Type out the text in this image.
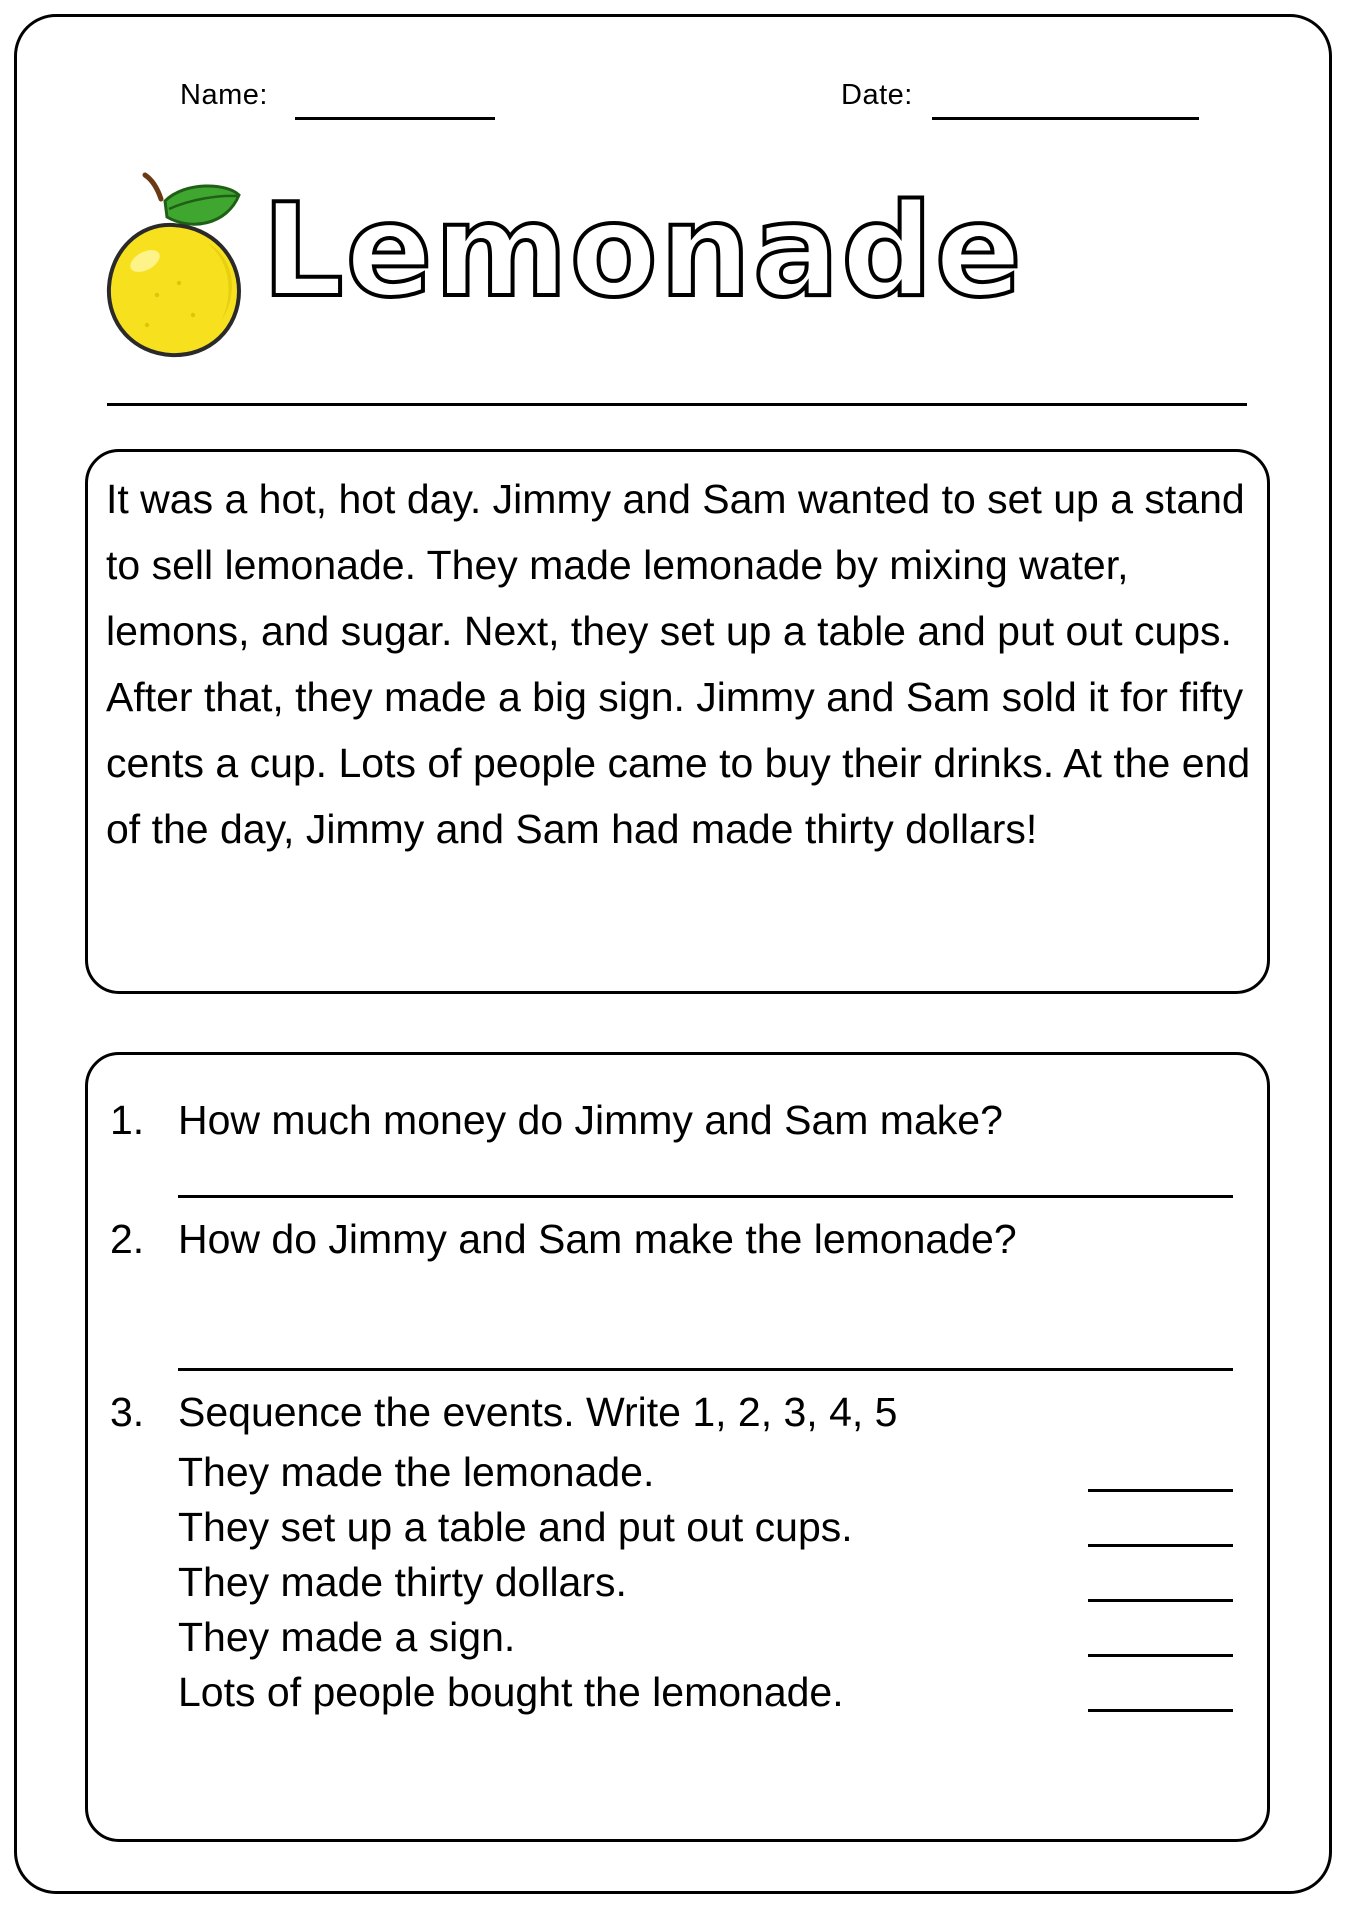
Name:	Date:
Lemonade
It was a hot, hot day. Jimmy and Sam wanted to set up a stand to sell lemonade. They made lemonade by mixing water, lemons, and sugar. Next, they set up a table and put out cups. After that, they made a big sign. Jimmy and Sam sold it for fifty cents a cup. Lots of people came to buy their drinks. At the end of the day, Jimmy and Sam had made thirty dollars!
1. How much money do Jimmy and Sam make?
2. How do Jimmy and Sam make the lemonade?
3. Sequence the events. Write 1, 2, 3, 4, 5
They made the lemonade.
They set up a table and put out cups.
They made thirty dollars.
They made a sign.
Lots of people bought the lemonade.
